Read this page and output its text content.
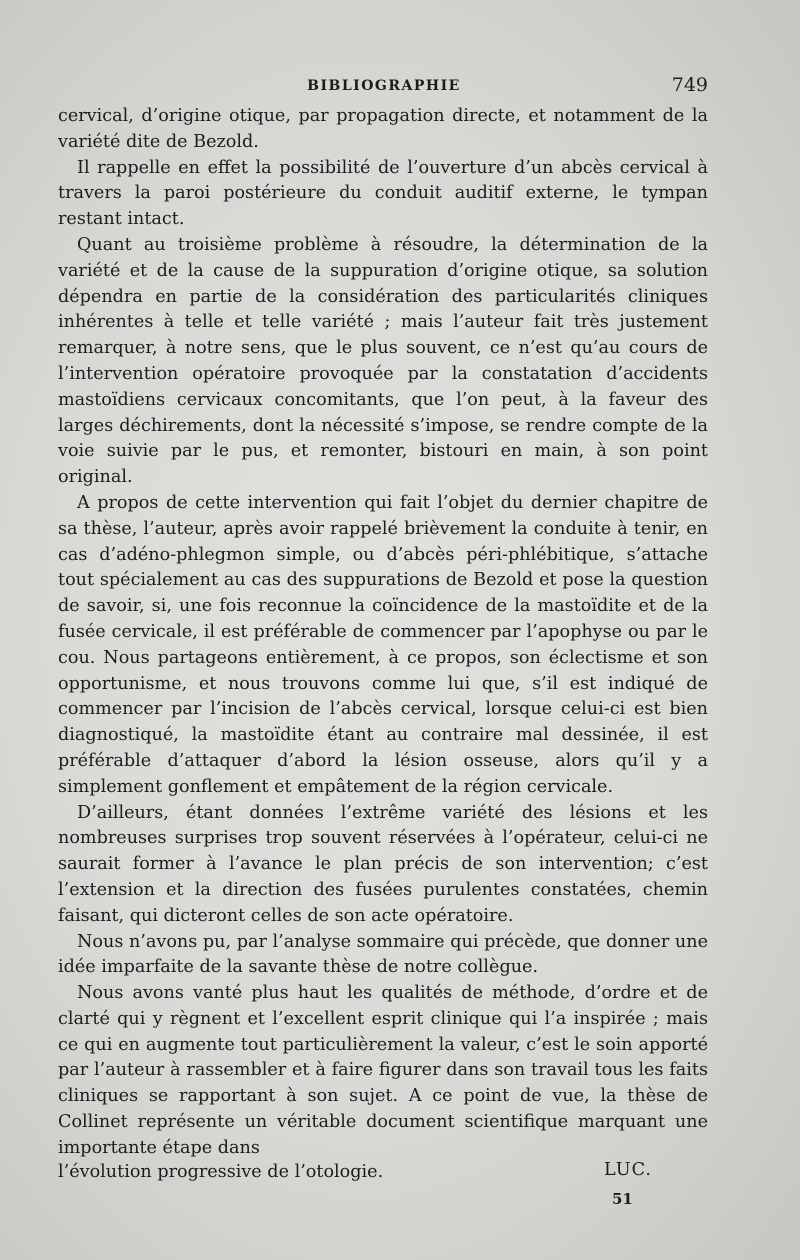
BIBLIOGRAPHIE	749

cervical, d’origine otique, par propagation directe, et notamment de la variété dite de Bezold.

Il rappelle en effet la possibilité de l’ouverture d’un abcès cervical à travers la paroi postérieure du conduit auditif externe, le tympan restant intact.

Quant au troisième problème à résoudre, la détermination de la variété et de la cause de la suppuration d’origine otique, sa solution dépendra en partie de la considération des particularités cliniques inhérentes à telle et telle variété ; mais l’auteur fait très justement remarquer, à notre sens, que le plus souvent, ce n’est qu’au cours de l’intervention opératoire provoquée par la constatation d’accidents mastoïdiens cervicaux concomitants, que l’on peut, à la faveur des larges déchirements, dont la nécessité s’impose, se rendre compte de la voie suivie par le pus, et remonter, bistouri en main, à son point original.

A propos de cette intervention qui fait l’objet du dernier chapitre de sa thèse, l’auteur, après avoir rappelé brièvement la conduite à tenir, en cas d’adéno-phlegmon simple, ou d’abcès péri-phlébitique, s’attache tout spécialement au cas des suppurations de Bezold et pose la question de savoir, si, une fois reconnue la coïncidence de la mastoïdite et de la fusée cervicale, il est préférable de commencer par l’apophyse ou par le cou. Nous partageons entièrement, à ce propos, son éclectisme et son opportunisme, et nous trouvons comme lui que, s’il est indiqué de commencer par l’incision de l’abcès cervical, lorsque celui-ci est bien diagnostiqué, la mastoïdite étant au contraire mal dessinée, il est préférable d’attaquer d’abord la lésion osseuse, alors qu’il y a simplement gonflement et empâtement de la région cervicale.

D’ailleurs, étant données l’extrême variété des lésions et les nombreuses surprises trop souvent réservées à l’opérateur, celui-ci ne saurait former à l’avance le plan précis de son intervention; c’est l’extension et la direction des fusées purulentes constatées, chemin faisant, qui dicteront celles de son acte opératoire.

Nous n’avons pu, par l’analyse sommaire qui précède, que donner une idée imparfaite de la savante thèse de notre collègue.

Nous avons vanté plus haut les qualités de méthode, d’ordre et de clarté qui y règnent et l’excellent esprit clinique qui l’a inspirée ; mais ce qui en augmente tout particulièrement la valeur, c’est le soin apporté par l’auteur à rassembler et à faire figurer dans son travail tous les faits cliniques se rapportant à son sujet. A ce point de vue, la thèse de Collinet représente un véritable document scientifique marquant une importante étape dans

l’évolution progressive de l’otologie.	LUC.
51
